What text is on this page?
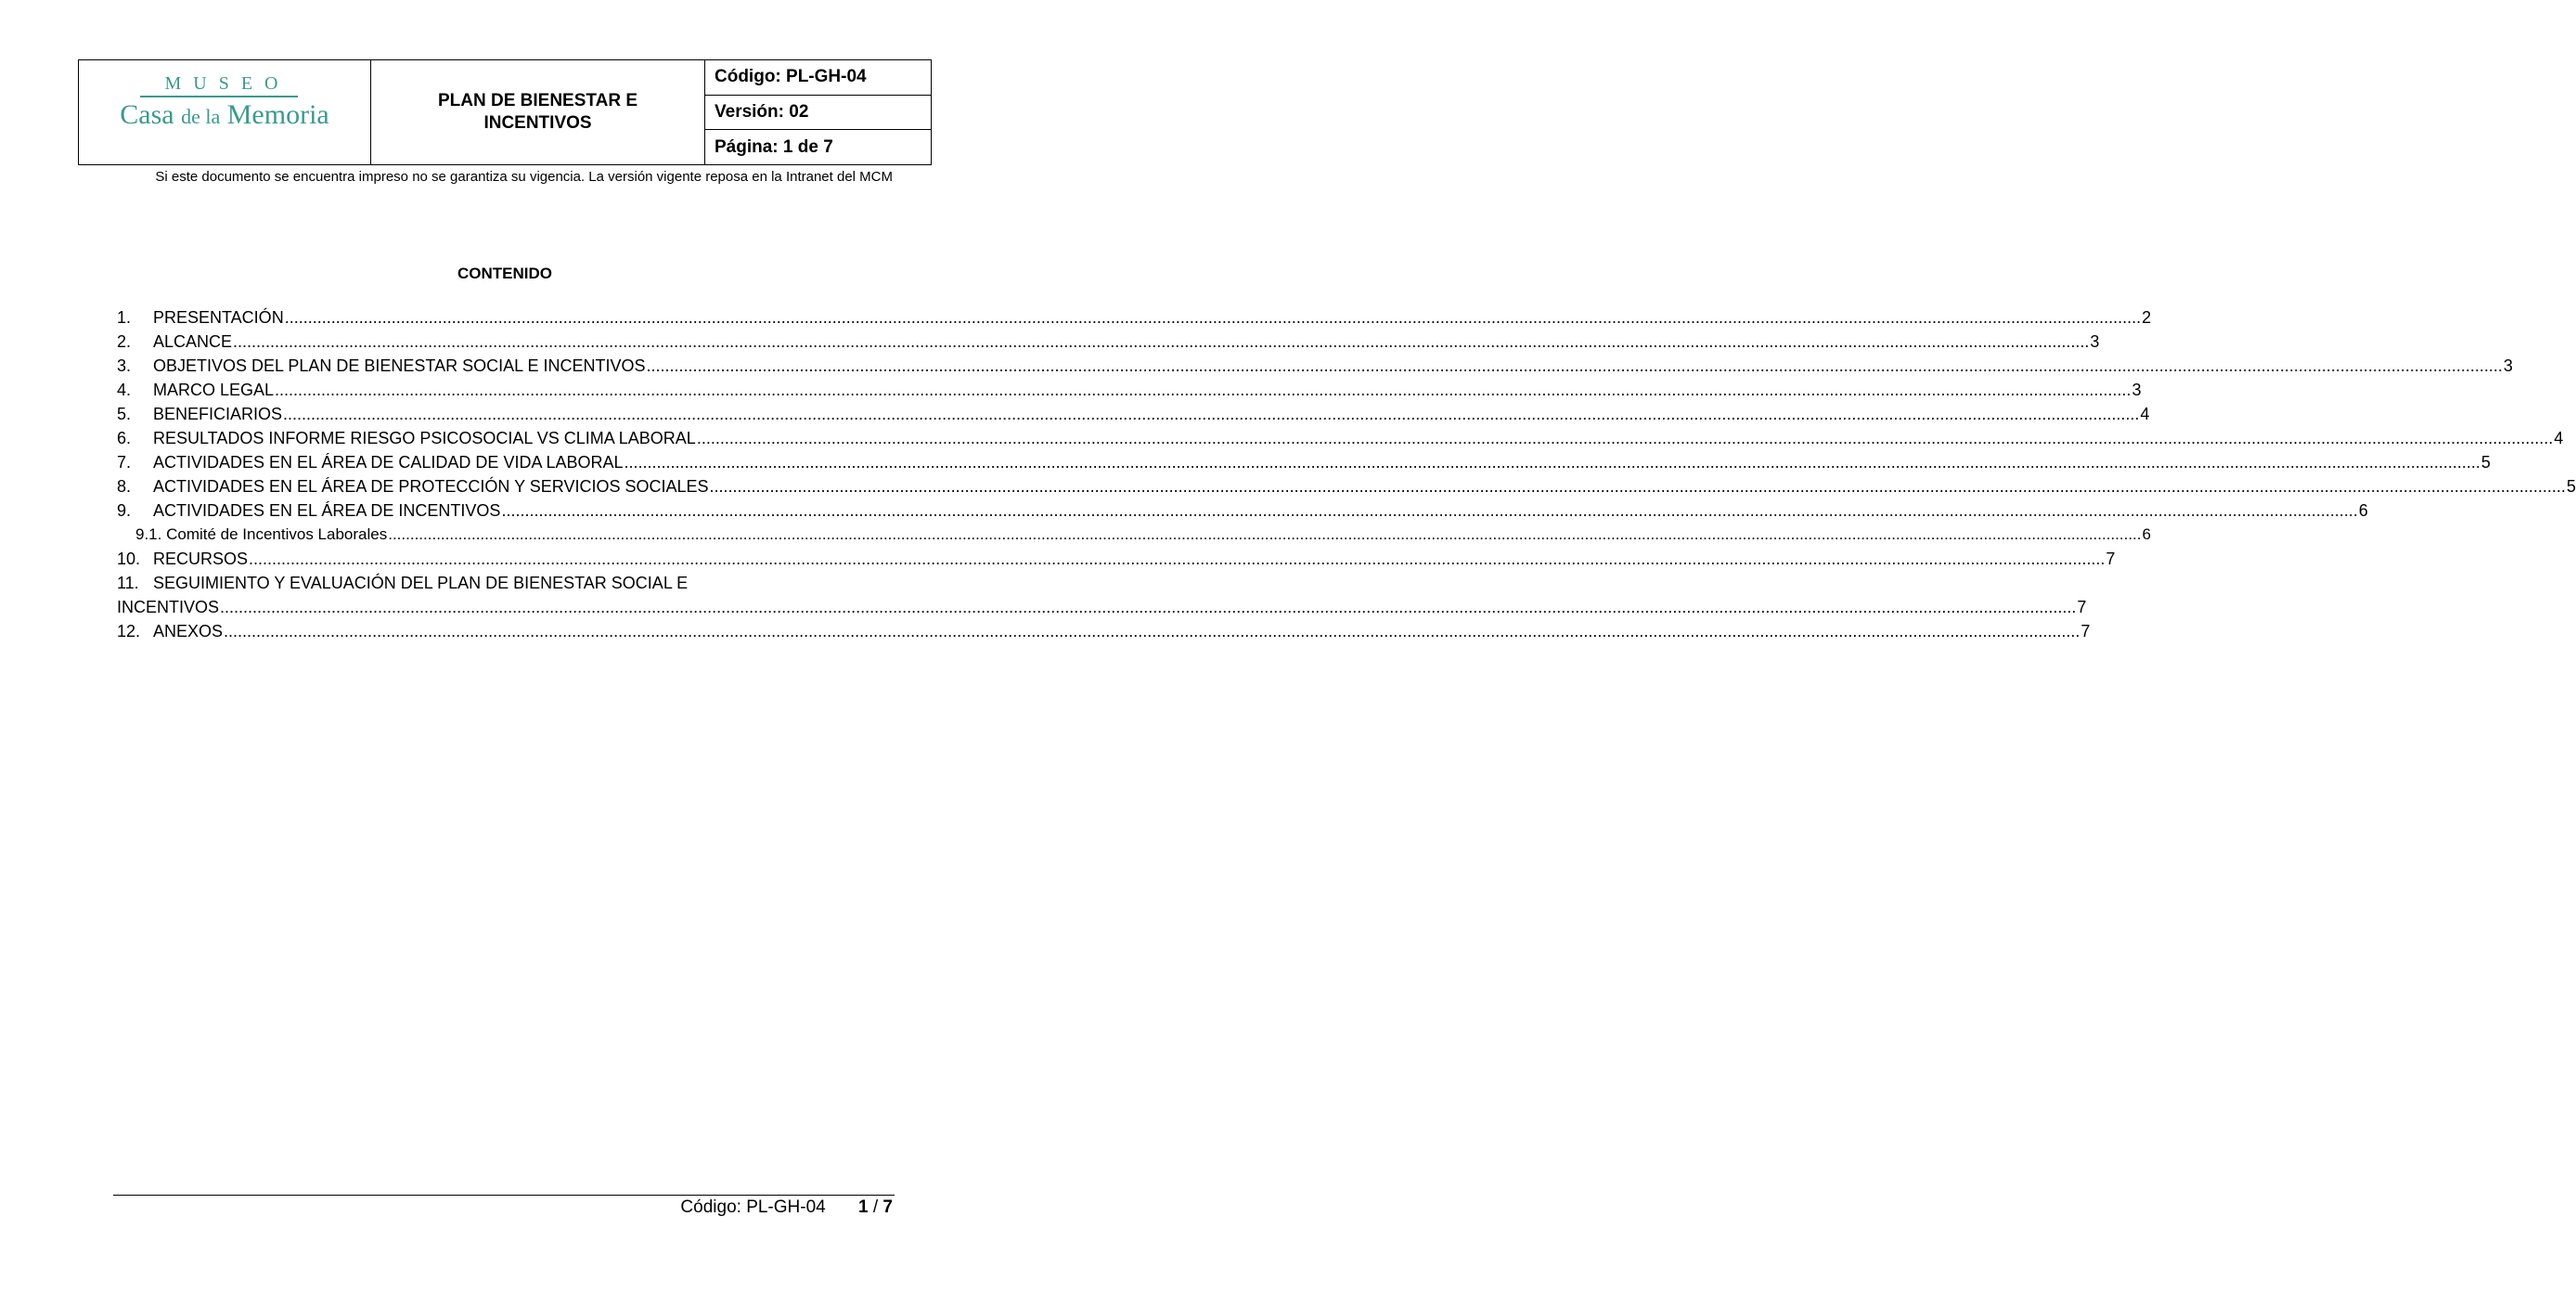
MUSEO
Casa de la Memoria	PLAN DE BIENESTAR E INCENTIVOS
Código: PL-GH-04
Versión: 02
Página: 1 de 7
Si este documento se encuentra impreso no se garantiza su vigencia. La versión vigente reposa en la Intranet del MCM
CONTENIDO
1.	PRESENTACIÓN ................................................................................................................................................................................................................................................................................................................................................................................................................ 2
2.	ALCANCE ................................................................................................................................................................................................................................................................................................................................................................................................................ 3
3.	OBJETIVOS DEL PLAN DE BIENESTAR SOCIAL E INCENTIVOS ................................................................................................................................................................................................................................................................................................................................................................................................................ 3
4.	MARCO LEGAL ................................................................................................................................................................................................................................................................................................................................................................................................................ 3
5.	BENEFICIARIOS ................................................................................................................................................................................................................................................................................................................................................................................................................ 4
6.	RESULTADOS INFORME RIESGO PSICOSOCIAL VS CLIMA LABORAL ................................................................................................................................................................................................................................................................................................................................................................................................................ 4
7.	ACTIVIDADES EN EL ÁREA DE CALIDAD DE VIDA LABORAL ................................................................................................................................................................................................................................................................................................................................................................................................................ 5
8.	ACTIVIDADES EN EL ÁREA DE PROTECCIÓN Y SERVICIOS SOCIALES ................................................................................................................................................................................................................................................................................................................................................................................................................ 5
9.	ACTIVIDADES EN EL ÁREA DE INCENTIVOS ................................................................................................................................................................................................................................................................................................................................................................................................................ 6
9.1. Comité de Incentivos Laborales ................................................................................................................................................................................................................................................................................................................................................................................................................ 6
10. RECURSOS ................................................................................................................................................................................................................................................................................................................................................................................................................ 7
11. SEGUIMIENTO Y EVALUACIÓN DEL PLAN DE BIENESTAR SOCIAL E
INCENTIVOS ................................................................................................................................................................................................................................................................................................................................................................................................................ 7
12. ANEXOS ................................................................................................................................................................................................................................................................................................................................................................................................................ 7
Código: PL-GH-04 1 / 7
